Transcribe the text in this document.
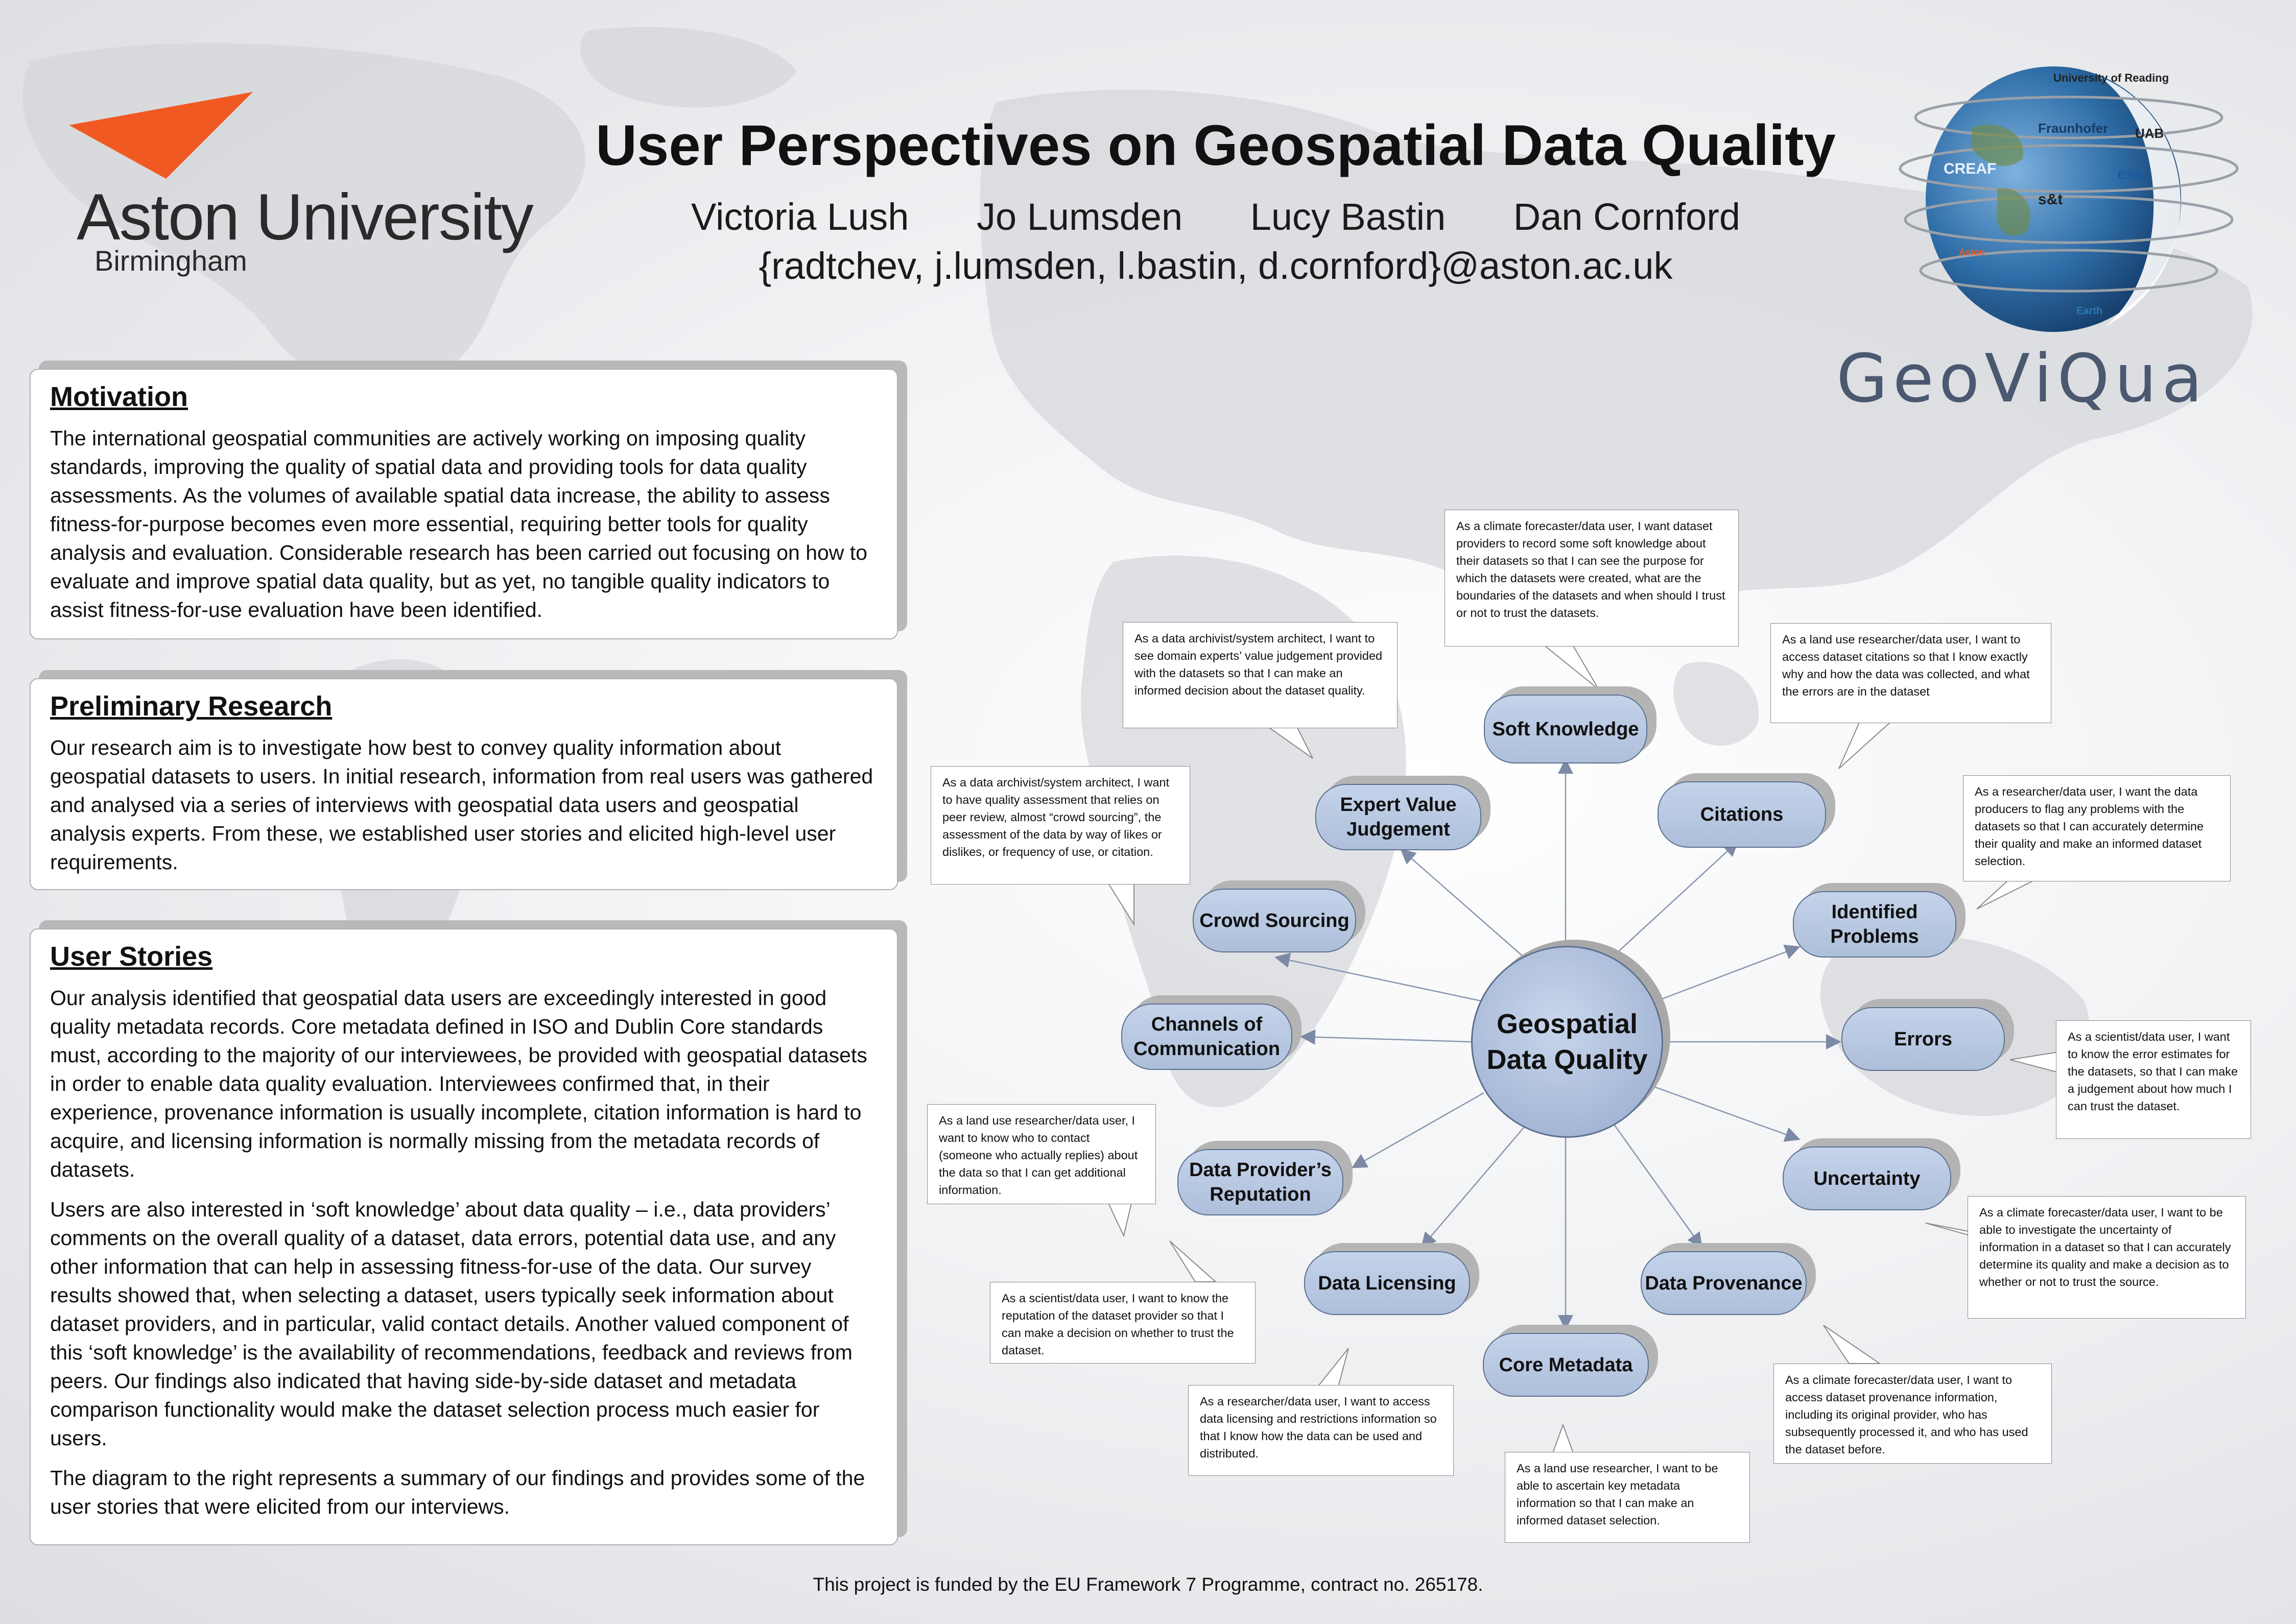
Aston University
Birmingham
User Perspectives on Geospatial Data Quality
Victoria Lush Jo Lumsden Lucy Bastin Dan Cornford
{radtchev, j.lumsden, l.bastin, d.cornford}@aston.ac.uk
University of Reading
Fraunhofer UAB
CREAF	esa
s&t
Aston
Earth
GeoViQua
Motivation

The international geospatial communities are actively working on imposing quality standards, improving the quality of spatial data and providing tools for data quality assessments. As the volumes of available spatial data increase, the ability to assess fitness-for-purpose becomes even more essential, requiring better tools for quality analysis and evaluation. Considerable research has been carried out focusing on how to evaluate and improve spatial data quality, but as yet, no tangible quality indicators to assist fitness-for-use evaluation have been identified.

Preliminary Research

Our research aim is to investigate how best to convey quality information about geospatial datasets to users. In initial research, information from real users was gathered and analysed via a series of interviews with geospatial data users and geospatial analysis experts. From these, we established user stories and elicited high-level user requirements.

User Stories

Our analysis identified that geospatial data users are exceedingly interested in good quality metadata records. Core metadata defined in ISO and Dublin Core standards must, according to the majority of our interviewees, be provided with geospatial datasets in order to enable data quality evaluation. Interviewees confirmed that, in their experience, provenance information is usually incomplete, citation information is hard to acquire, and licensing information is normally missing from the metadata records of datasets.

Users are also interested in ‘soft knowledge’ about data quality – i.e., data providers’ comments on the overall quality of a dataset, data errors, potential data use, and any other information that can help in assessing fitness-for-use of the data. Our survey results showed that, when selecting a dataset, users typically seek information about dataset providers, and in particular, valid contact details. Another valued component of this ‘soft knowledge’ is the availability of recommendations, feedback and reviews from peers. Our findings also indicated that having side-by-side dataset and metadata comparison functionality would make the dataset selection process much easier for users.

The diagram to the right represents a summary of our findings and provides some of the user stories that were elicited from our interviews.

Geospatial Data Quality
Soft Knowledge
Expert Value Judgement
Citations
Crowd Sourcing	Identified Problems
Channels of Communication	Errors
Data Provider’s Reputation
Uncertainty
Data Licensing	Data Provenance
Core Metadata
As a climate forecaster/data user, I want dataset providers to record some soft knowledge about their datasets so that I can see the purpose for which the datasets were created, what are the boundaries of the datasets and when should I trust or not to trust the datasets.
As a data archivist/system architect, I want to see domain experts’ value judgement provided with the datasets so that I can make an informed decision about the dataset quality.
As a land use researcher/data user, I want to access dataset citations so that I know exactly why and how the data was collected, and what the errors are in the dataset
As a data archivist/system architect, I want to have quality assessment that relies on peer review, almost “crowd sourcing”, the assessment of the data by way of likes or dislikes, or frequency of use, or citation.
As a researcher/data user, I want the data producers to flag any problems with the datasets so that I can accurately determine their quality and make an informed dataset selection.
As a land use researcher/data user, I want to know who to contact (someone who actually replies) about the data so that I can get additional information.
As a scientist/data user, I want to know the error estimates for the datasets, so that I can make a judgement about how much I can trust the dataset.
As a scientist/data user, I want to know the reputation of the dataset provider so that I can make a decision on whether to trust the dataset.
As a climate forecaster/data user, I want to be able to investigate the uncertainty of information in a dataset so that I can accurately determine its quality and make a decision as to whether or not to trust the source.
As a researcher/data user, I want to access data licensing and restrictions information so that I know how the data can be used and distributed.
As a climate forecaster/data user, I want to access dataset provenance information, including its original provider, who has subsequently processed it, and who has used the dataset before.
As a land use researcher, I want to be able to ascertain key metadata information so that I can make an informed dataset selection.
This project is funded by the EU Framework 7 Programme, contract no. 265178.
